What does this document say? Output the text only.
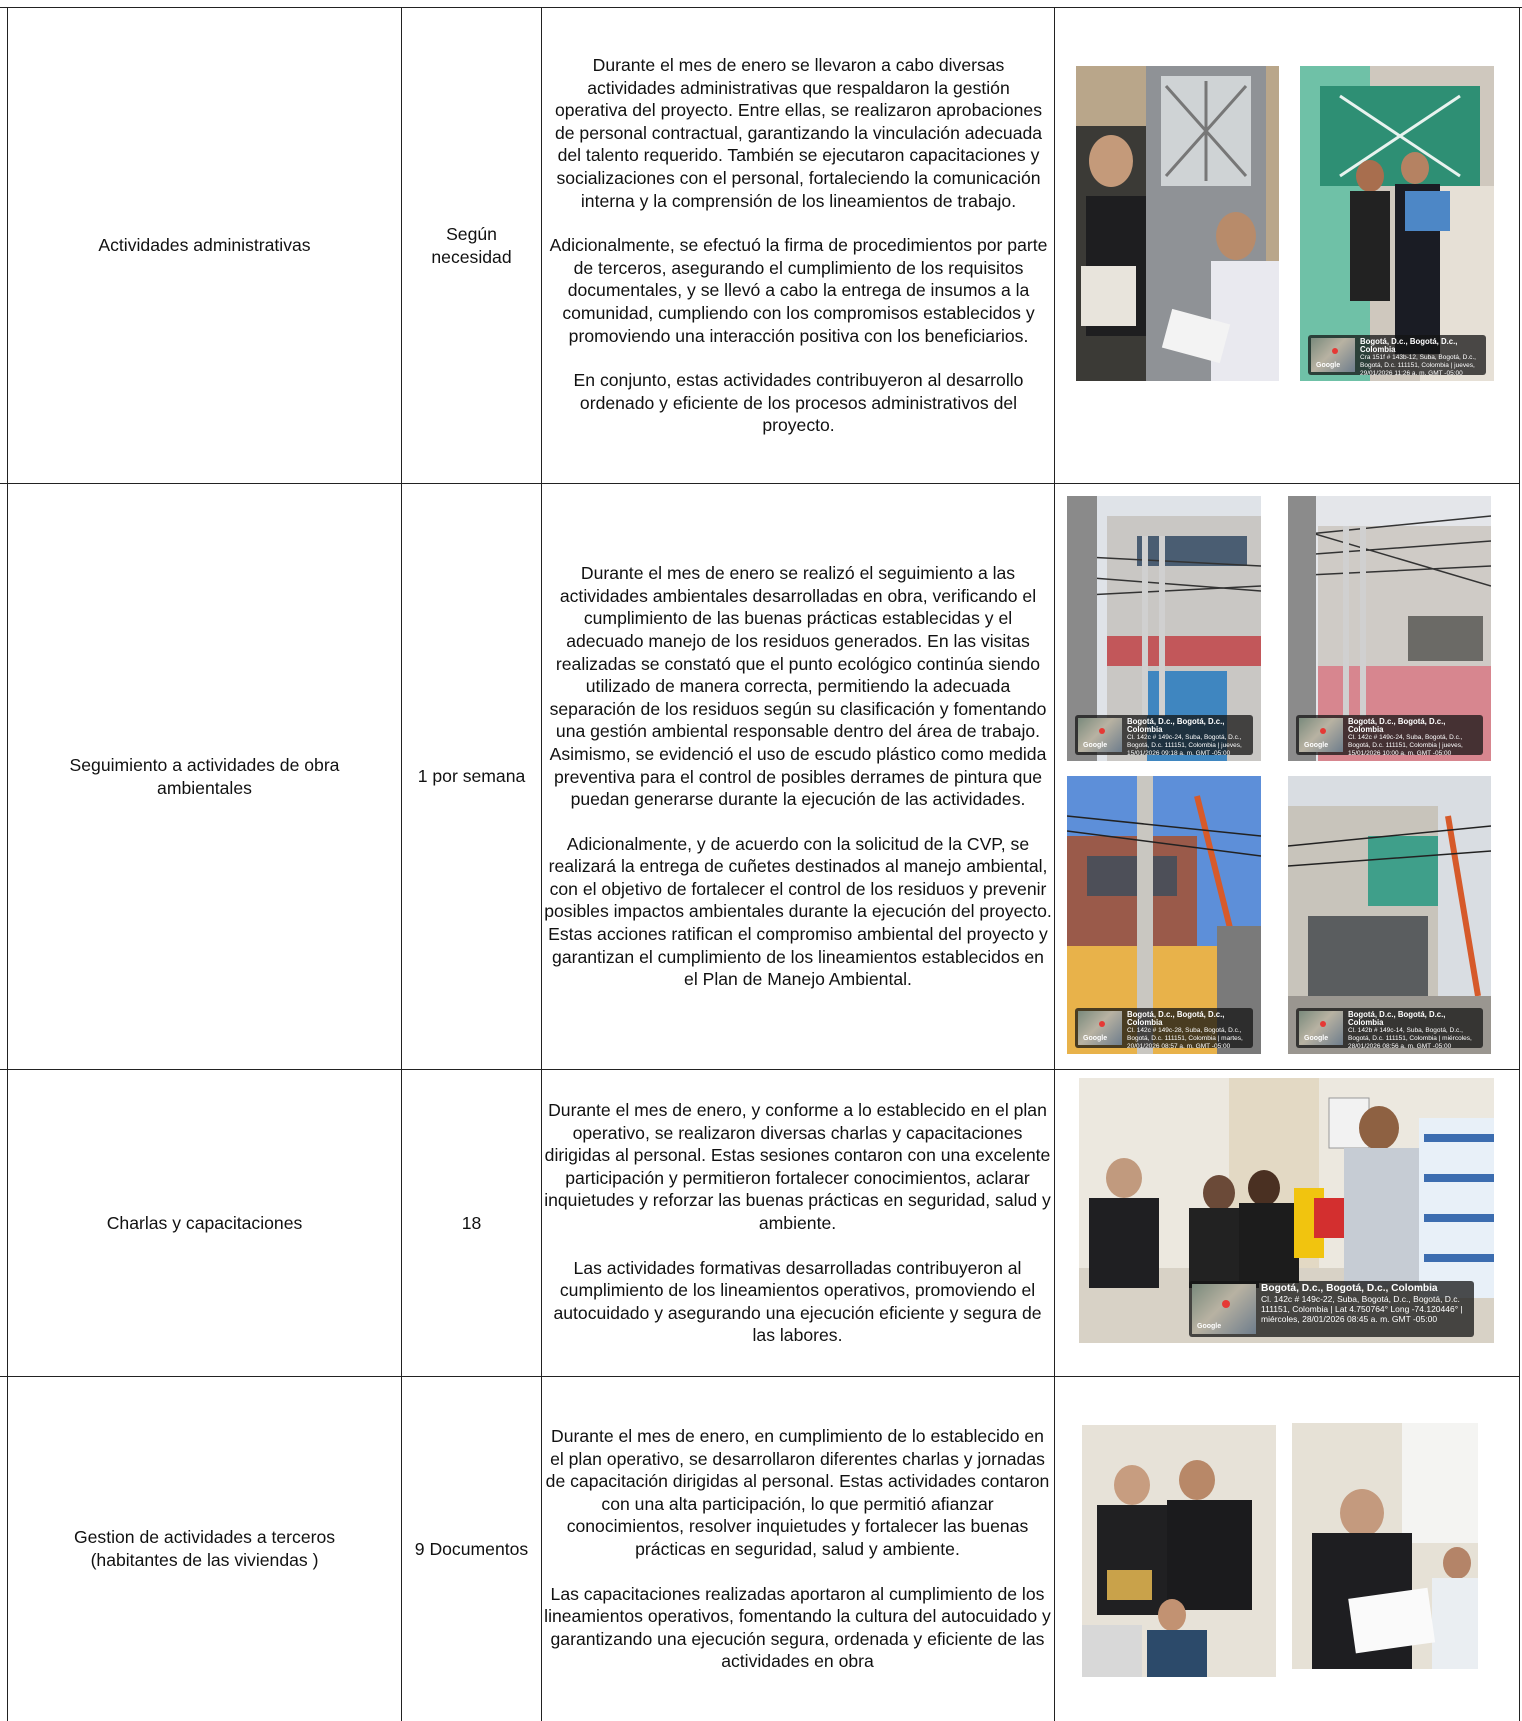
Actividades administrativas
Según
necesidad

Durante el mes de enero se llevaron a cabo diversas actividades administrativas que respaldaron la gestión operativa del proyecto. Entre ellas, se realizaron aprobaciones de personal contractual, garantizando la vinculación adecuada del talento requerido. También se ejecutaron capacitaciones y socializaciones con el personal, fortaleciendo la comunicación interna y la comprensión de los lineamientos de trabajo.

Adicionalmente, se efectuó la firma de procedimientos por parte de terceros, asegurando el cumplimiento de los requisitos documentales, y se llevó a cabo la entrega de insumos a la comunidad, cumpliendo con los compromisos establecidos y promoviendo una interacción positiva con los beneficiarios.

En conjunto, estas actividades contribuyeron al desarrollo ordenado y eficiente de los procesos administrativos del proyecto.

Google
Bogotá, D.c., Bogotá, D.c., Colombia
Cra 151f # 143b-12, Suba, Bogotá, D.c., Bogotá, D.c. 111151, Colombia | jueves, 29/01/2026 11:26 a. m. GMT -05:00
Seguimiento a actividades de obra
ambientales
1 por semana

Durante el mes de enero se realizó el seguimiento a las actividades ambientales desarrolladas en obra, verificando el cumplimiento de las buenas prácticas establecidas y el adecuado manejo de los residuos generados. En las visitas realizadas se constató que el punto ecológico continúa siendo utilizado de manera correcta, permitiendo la adecuada separación de los residuos según su clasificación y fomentando una gestión ambiental responsable dentro del área de trabajo. Asimismo, se evidenció el uso de escudo plástico como medida preventiva para el control de posibles derrames de pintura que puedan generarse durante la ejecución de las actividades.

Adicionalmente, y de acuerdo con la solicitud de la CVP, se realizará la entrega de cuñetes destinados al manejo ambiental, con el objetivo de fortalecer el control de los residuos y prevenir posibles impactos ambientales durante la ejecución del proyecto. Estas acciones ratifican el compromiso ambiental del proyecto y garantizan el cumplimiento de los lineamientos establecidos en el Plan de Manejo Ambiental.

Google
Bogotá, D.c., Bogotá, D.c., Colombia
Cl. 142c # 149c-24, Suba, Bogotá, D.c., Bogotá, D.c. 111151, Colombia | jueves, 15/01/2026 09:18 a. m. GMT -05:00
Google
Bogotá, D.c., Bogotá, D.c., Colombia
Cl. 142c # 149c-24, Suba, Bogotá, D.c., Bogotá, D.c. 111151, Colombia | jueves, 15/01/2026 10:00 a. m. GMT -05:00
Google
Bogotá, D.c., Bogotá, D.c., Colombia
Cl. 142c # 149c-28, Suba, Bogotá, D.c., Bogotá, D.c. 111151, Colombia | martes, 20/01/2026 08:57 a. m. GMT -05:00
Google
Bogotá, D.c., Bogotá, D.c., Colombia
Cl. 142b # 149c-14, Suba, Bogotá, D.c., Bogotá, D.c. 111151, Colombia | miércoles, 28/01/2026 08:56 a. m. GMT -05:00
Charlas y capacitaciones	18

Durante el mes de enero, y conforme a lo establecido en el plan operativo, se realizaron diversas charlas y capacitaciones dirigidas al personal. Estas sesiones contaron con una excelente participación y permitieron fortalecer conocimientos, aclarar inquietudes y reforzar las buenas prácticas en seguridad, salud y ambiente.

Las actividades formativas desarrolladas contribuyeron al cumplimiento de los lineamientos operativos, promoviendo el autocuidado y asegurando una ejecución eficiente y segura de las labores.	Google
Bogotá, D.c., Bogotá, D.c., Colombia
Cl. 142c # 149c-22, Suba, Bogotá, D.c., Bogotá, D.c. 111151, Colombia | Lat 4.750764° Long -74.120446° | miércoles, 28/01/2026 08:45 a. m. GMT -05:00
Gestion de actividades a terceros
(habitantes de las viviendas )
9 Documentos

Durante el mes de enero, en cumplimiento de lo establecido en el plan operativo, se desarrollaron diferentes charlas y jornadas de capacitación dirigidas al personal. Estas actividades contaron con una alta participación, lo que permitió afianzar conocimientos, resolver inquietudes y fortalecer las buenas prácticas en seguridad, salud y ambiente.

Las capacitaciones realizadas aportaron al cumplimiento de los lineamientos operativos, fomentando la cultura del autocuidado y garantizando una ejecución segura, ordenada y eficiente de las actividades en obra
